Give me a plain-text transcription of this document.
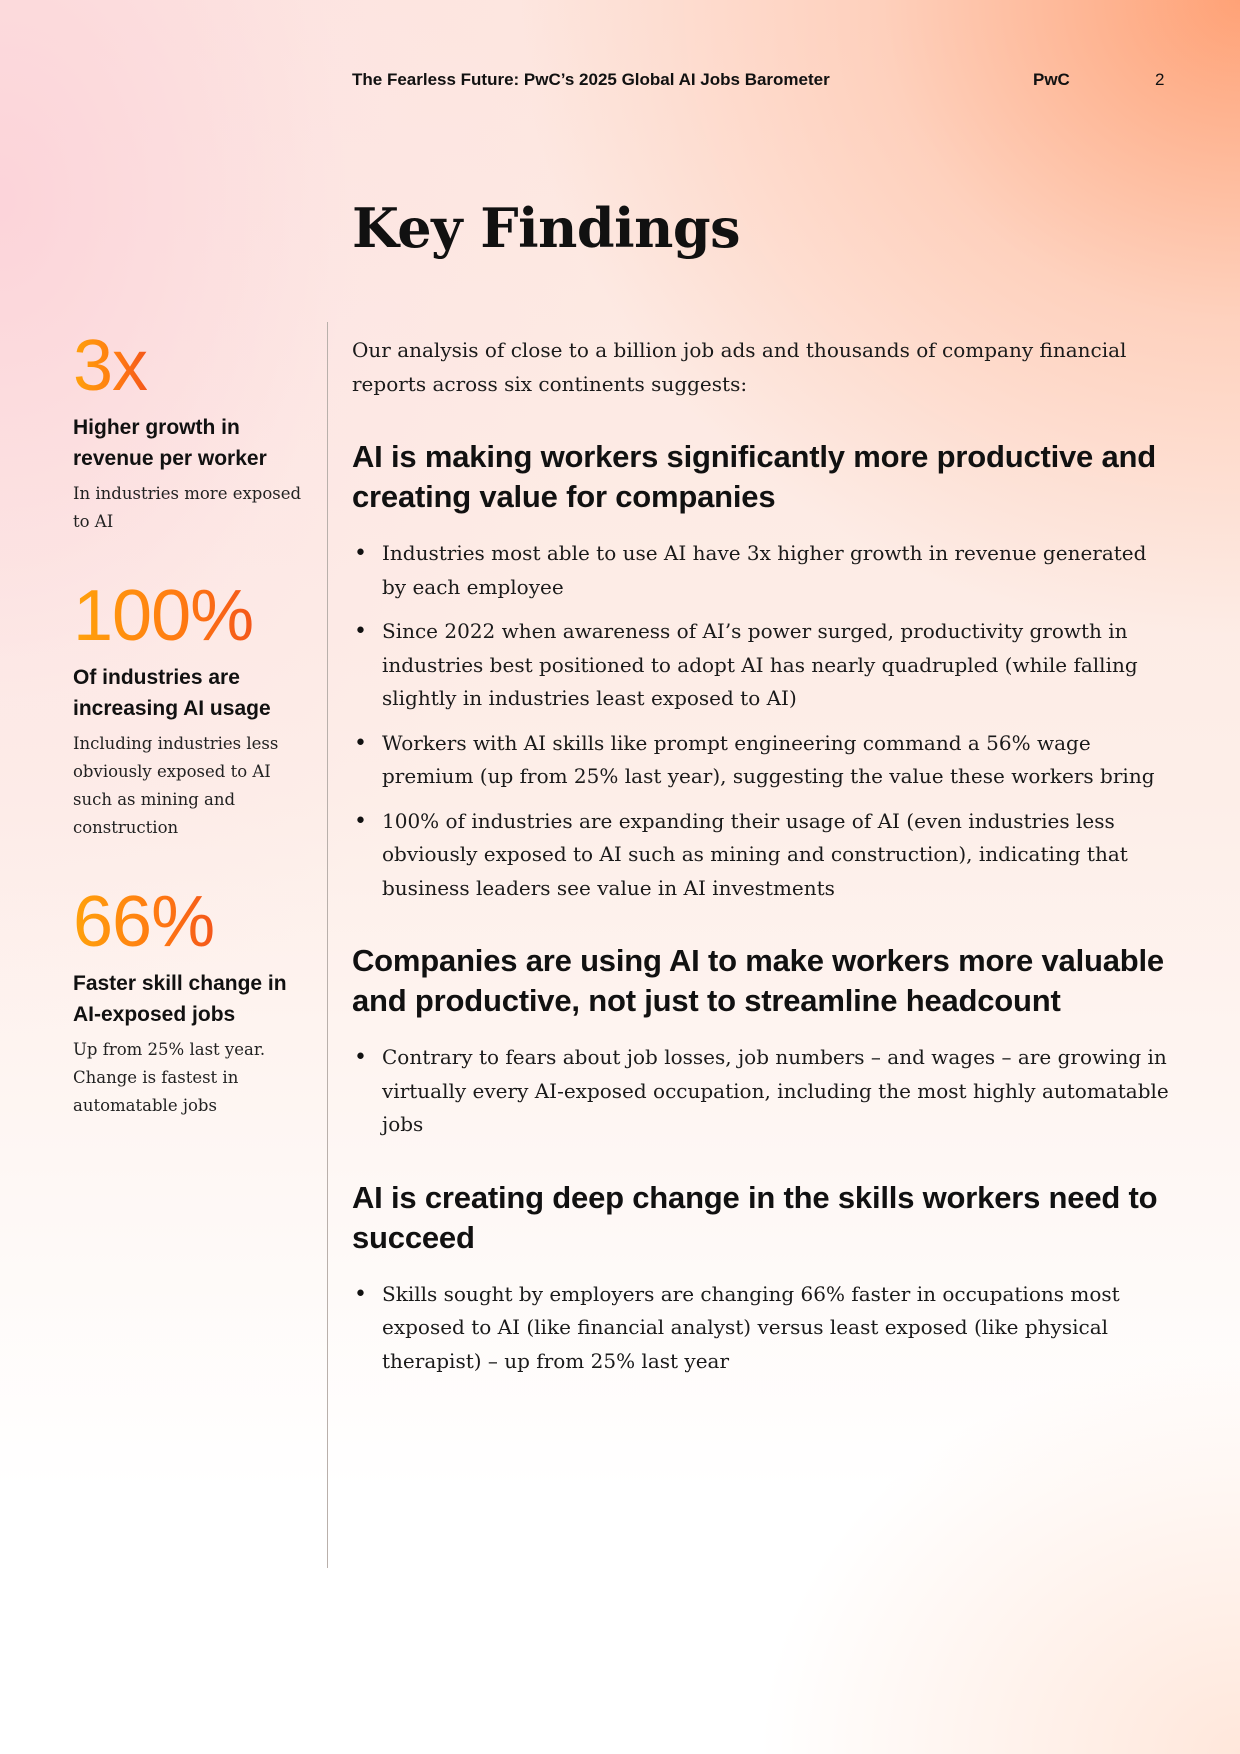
The Fearless Future: PwC’s 2025 Global AI Jobs Barometer	PwC	2
Key Findings
3x
Higher growth in revenue per worker
In industries more exposed to AI
100%
Of industries are increasing AI usage
Including industries less obviously exposed to AI such as mining and construction
66%
Faster skill change in AI-exposed jobs
Up from 25% last year. Change is fastest in automatable jobs

Our analysis of close to a billion job ads and thousands of company financial reports across six continents suggests:

AI is making workers significantly more productive and creating value for companies
• Industries most able to use AI have 3x higher growth in revenue generated by each employee
• Since 2022 when awareness of AI’s power surged, productivity growth in industries best positioned to adopt AI has nearly quadrupled (while falling slightly in industries least exposed to AI)
• Workers with AI skills like prompt engineering command a 56% wage premium (up from 25% last year), suggesting the value these workers bring
• 100% of industries are expanding their usage of AI (even industries less obviously exposed to AI such as mining and construction), indicating that business leaders see value in AI investments
Companies are using AI to make workers more valuable and productive, not just to streamline headcount
• Contrary to fears about job losses, job numbers – and wages – are growing in virtually every AI-exposed occupation, including the most highly automatable jobs
AI is creating deep change in the skills workers need to succeed
• Skills sought by employers are changing 66% faster in occupations most exposed to AI (like financial analyst) versus least exposed (like physical therapist) – up from 25% last year
